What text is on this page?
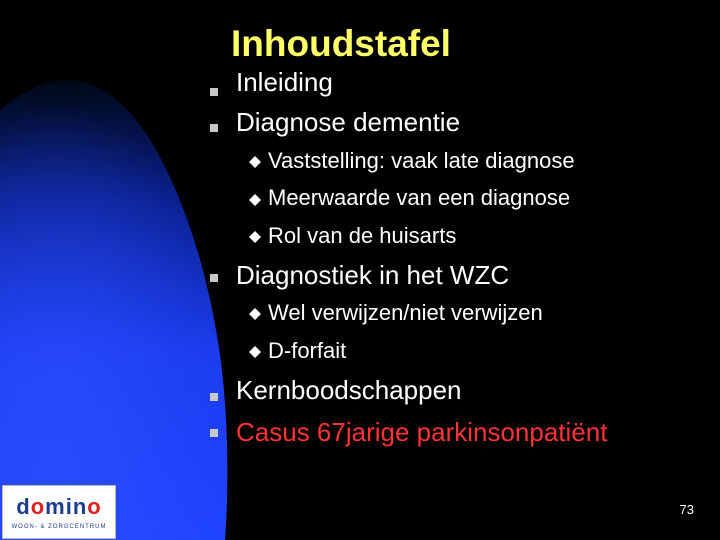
Inhoudstafel
Inleiding
Diagnose dementie
Vaststelling: vaak late diagnose
Meerwaarde van een diagnose
Rol van de huisarts
Diagnostiek in het WZC
Wel verwijzen/niet verwijzen
D-forfait
Kernboodschappen
Casus 67jarige parkinsonpatiënt
domino
WOON- & ZORGCENTRUM
73
